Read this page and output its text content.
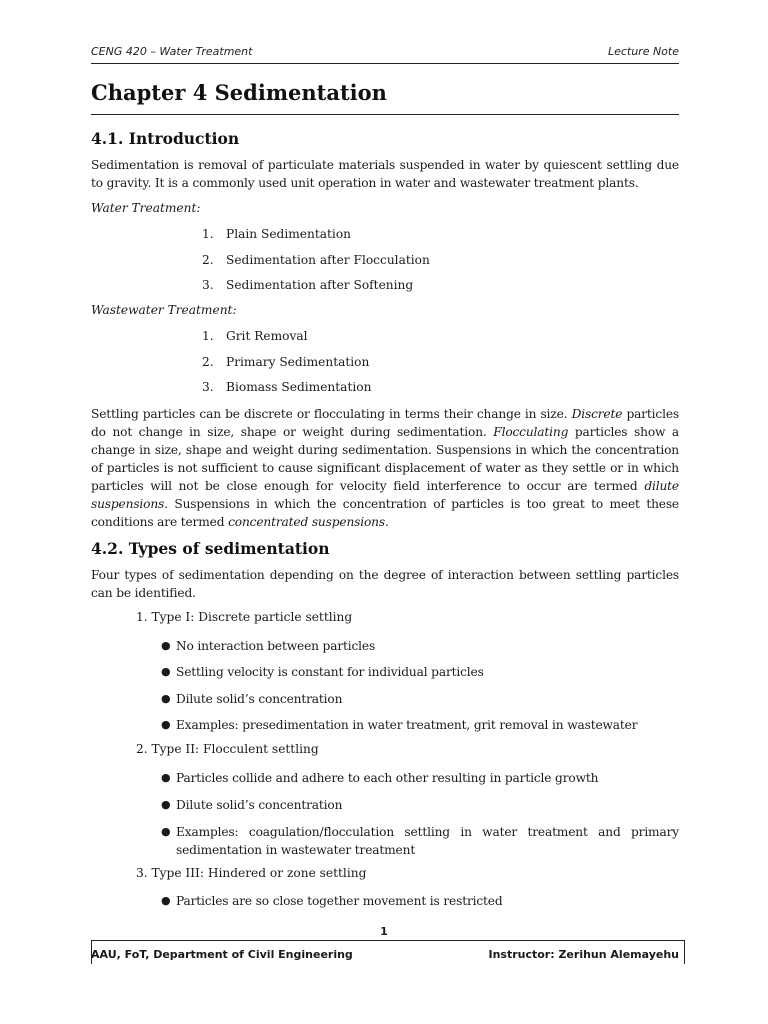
CENG 420 – Water Treatment	Lecture Note
Chapter 4 Sedimentation
4.1. Introduction
Sedimentation is removal of particulate materials suspended in water by quiescent settling due to gravity. It is a commonly used unit operation in water and wastewater treatment plants.
Water Treatment:
1.	Plain Sedimentation
2.	Sedimentation after Flocculation
3.	Sedimentation after Softening
Wastewater Treatment:
1.	Grit Removal
2.	Primary Sedimentation
3.	Biomass Sedimentation
Settling particles can be discrete or flocculating in terms their change in size. Discrete particles do not change in size, shape or weight during sedimentation. Flocculating particles show a change in size, shape and weight during sedimentation. Suspensions in which the concentration of particles is not sufficient to cause significant displacement of water as they settle or in which particles will not be close enough for velocity field interference to occur are termed dilute suspensions. Suspensions in which the concentration of particles is too great to meet these conditions are termed concentrated suspensions.
4.2. Types of sedimentation
Four types of sedimentation depending on the degree of interaction between settling particles can be identified.
1. Type I: Discrete particle settling
● No interaction between particles
● Settling velocity is constant for individual particles
● Dilute solid’s concentration
● Examples: presedimentation in water treatment, grit removal in wastewater
2. Type II: Flocculent settling
● Particles collide and adhere to each other resulting in particle growth
● Dilute solid’s concentration
● Examples: coagulation/flocculation settling in water treatment and primary sedimentation in wastewater treatment
3. Type III: Hindered or zone settling
● Particles are so close together movement is restricted
1
AAU, FoT, Department of Civil Engineering	Instructor: Zerihun Alemayehu
